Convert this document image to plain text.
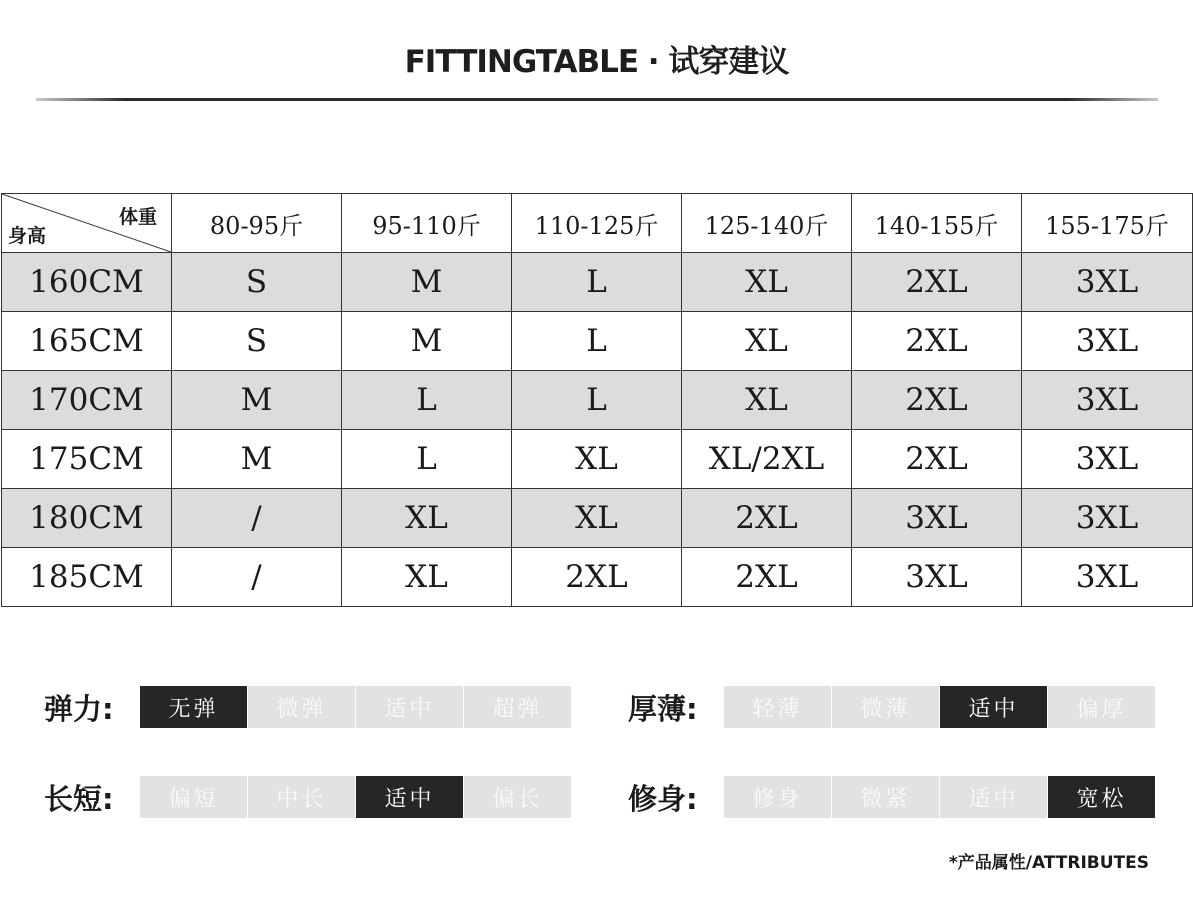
FITTINGTABLE · 试穿建议
体重
身高	80-95斤	95-110斤	110-125斤	125-140斤	140-155斤	155-175斤
160CM	S	M	L	XL	2XL	3XL
165CM	S	M	L	XL	2XL	3XL
170CM	M	L	L	XL	2XL	3XL
175CM	M	L	XL	XL/2XL	2XL	3XL
180CM	/	XL	XL	2XL	3XL	3XL
185CM	/	XL	2XL	2XL	3XL	3XL
弹力:	无弹	微弹	适中	超弹	厚薄:	轻薄	微薄	适中	偏厚
长短:	偏短	中长	适中	偏长	修身:	修身	微紧	适中	宽松
*产品属性/ATTRIBUTES
